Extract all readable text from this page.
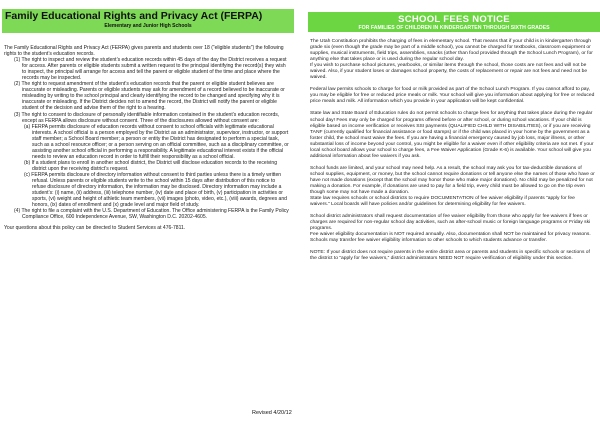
Family Educational Rights and Privacy Act (FERPA)
Elementary and Junior High Schools

The Family Educational Rights and Privacy Act (FERPA) gives parents and students over 18 (“eligible students”) the following rights to the student’s education records.

(1) The right to inspect and review the student’s education records within 45 days of the day the District receives a request for access. After parents or eligible students submit a written request to the principal identifying the record(s) they wish to inspect, the principal will arrange for access and tell the parent or eligible student of the time and place where the records may be inspected.

(2) The right to request amendment of the student’s education records that the parent or eligible student believes are inaccurate or misleading. Parents or eligible students may ask for amendment of a record believed to be inaccurate or misleading by writing to the school principal and clearly identifying the record to be changed and specifying why it is inaccurate or misleading. If the District decides not to amend the record, the District will notify the parent or eligible student of the decision and advise them of the right to a hearing.

(3) The right to consent to disclosure of personally identifiable information contained in the student’s education records, except as FERPA allows disclosure without consent. Three of the disclosures allowed without consent are:

(a) FERPA permits disclosure of education records without consent to school officials with legitimate educational interests. A school official is a person employed by the District as an administrator, supervisor, instructor, or support staff member; a School Board member; a person or entity the District has designated to perform a special task, such as a school resource officer; or a person serving on an official committee, such as a disciplinary committee, or assisting another school official in performing a responsibility. A legitimate educational interest exists if the official needs to review an education record in order to fulfill their responsibility as a school official.

(b) If a student plans to enroll in another school district, the District will disclose education records to the receiving district upon the receiving district’s request.

(c) FERPA permits disclosure of directory information without consent to third parties unless there is a timely written refusal. Unless parents or eligible students write to the school within 15 days after distribution of this notice to refuse disclosure of directory information, the information may be disclosed. Directory information may include a student’s: (i) name, (ii) address, (iii) telephone number, (iv) date and place of birth, (v) participation in activities or sports, (vi) weight and height of athletic team members, (vii) images (photo, video, etc.), (viii) awards, degrees and honors, (ix) dates of enrollment and (x) grade level and major field of study.

(4) The right to file a complaint with the U.S. Department of Education. The Office administering FERPA is the Family Policy Compliance Office, 600 Independence Avenue, SW, Washington D.C. 20202-4605.

Your questions about this policy can be directed to Student Services at 476-7811.

Revised 4/20/12
SCHOOL FEES NOTICE
FOR FAMILIES OF CHILDREN IN KINDERGARTEN THROUGH SIXTH GRADES

The Utah Constitution prohibits the charging of fees in elementary school. That means that if your child is in kindergarten through grade six (even though the grade may be part of a middle school), you cannot be charged for textbooks, classroom equipment or supplies, musical instruments, field trips, assemblies, snacks (other than food provided through the School Lunch Program), or for anything else that takes place or is used during the regular school day.

If you wish to purchase school pictures, yearbooks, or similar items through the school, those costs are not fees and will not be waived. Also, if your student loses or damages school property, the costs of replacement or repair are not fees and need not be waived.

Federal law permits schools to charge for food or milk provided as part of the School Lunch Program. If you cannot afford to pay, you may be eligible for free or reduced price meals or milk. Your school will give you information about applying for free or reduced price meals and milk. All information which you provide in your application will be kept confidential.

State law and State Board of Education rules do not permit schools to charge fees for anything that takes place during the regular school day! Fees may only be charged for programs offered before or after school, or during school vacations. If your child is eligible based on income verification or receives SSI payments (QUALIFIED CHILD WITH DISABILITIES), or if you are receiving TANF (currently qualified for financial assistance or food stamps) or if the child was placed in your home by the government as a foster child, the school must waive the fees. If you are having a financial emergency caused by job loss, major illness, or other substantial loss of income beyond your control, you might be eligible for a waiver even if other eligibility criteria are not met. If your local school board allows your school to charge fees, a Fee Waiver Application (Grade K-6) is available. Your school will give you additional information about fee waivers if you ask.

School funds are limited, and your school may need help. As a result, the school may ask you for tax-deductible donations of school supplies, equipment, or money, but the school cannot require donations or tell anyone else the names of those who have or have not made donations (except that the school may honor those who make major donations). No child may be penalized for not making a donation. For example, if donations are used to pay for a field trip, every child must be allowed to go on the trip even though some may not have made a donation.

State law requires schools or school districts to require DOCUMENTATION of fee waiver eligibility if parents “apply for fee waivers.” Local boards will have policies and/or guidelines for determining eligibility for fee waivers.

School district administrators shall request documentation of fee waiver eligibility from those who apply for fee waivers if fees or charges are required for non-regular school day activities, such as after-school music or foreign language programs or Friday ski programs.

Fee waiver eligibility documentation is NOT required annually. Also, documentation shall NOT be maintained for privacy reasons. Schools may transfer fee waiver eligibility information to other schools to which students advance or transfer.

NOTE: If your district does not require parents in the entire district area or parents and students in specific schools or sections of the district to “apply for fee waivers,” district administrators NEED NOT require verification of eligibility under this section.
